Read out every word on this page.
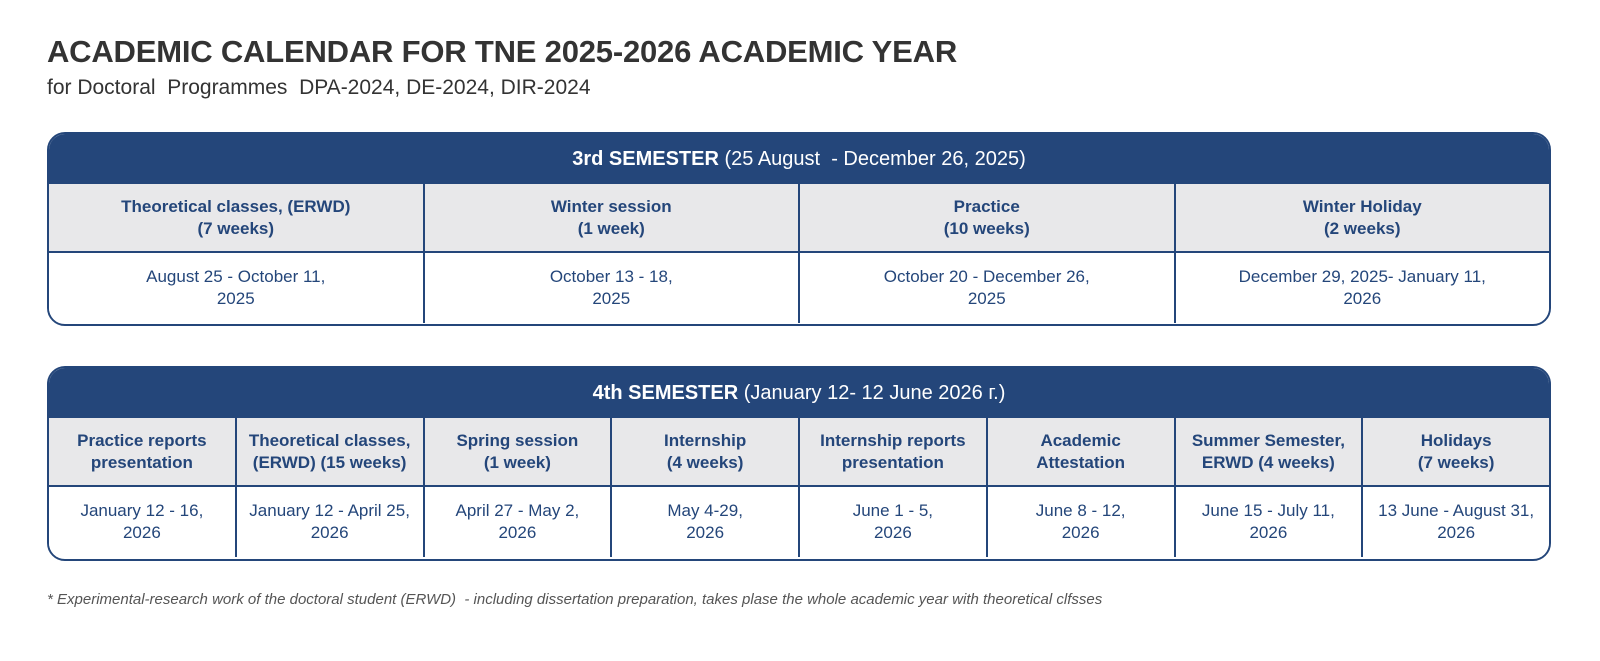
ACADEMIC CALENDAR FOR TNE 2025-2026 ACADEMIC YEAR
for Doctoral  Programmes  DPA-2024, DE-2024, DIR-2024
3rd SEMESTER (25 August  - December 26, 2025)
Theoretical classes, (ERWD)
(7 weeks)
Winter session
(1 week)
Practice
(10 weeks)
Winter Holiday
(2 weeks)
August 25 - October 11,
2025
October 13 - 18,
2025
October 20 - December 26,
2025
December 29, 2025- January 11,
2026
4th SEMESTER (January 12- 12 June 2026 г.)
Practice reports
presentation
Theoretical classes,
(ERWD) (15 weeks)
Spring session
(1 week)
Internship
(4 weeks)
Internship reports
presentation
Academic
Attestation
Summer Semester,
ERWD (4 weeks)
Holidays
(7 weeks)
January 12 - 16,
2026
January 12 - April 25,
2026
April 27 - May 2,
2026
May 4-29,
2026
June 1 - 5,
2026
June 8 - 12,
2026
June 15 - July 11,
2026
13 June - August 31,
2026
* Experimental-research work of the doctoral student (ERWD)  - including dissertation preparation, takes plase the whole academic year with theoretical clfsses
